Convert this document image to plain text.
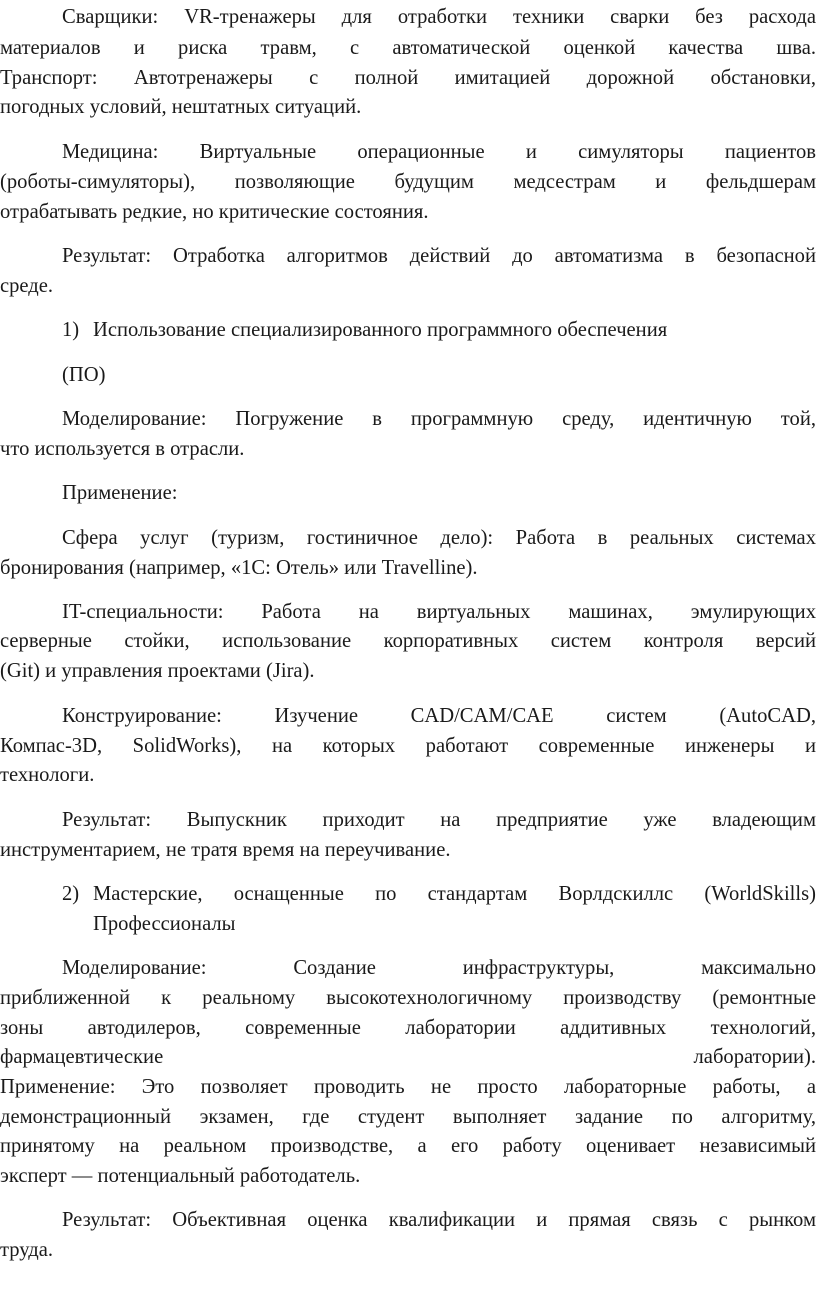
Сварщики: VR-тренажеры для отработки техники сварки без расхода
материалов и риска травм, с автоматической оценкой качества шва.
Транспорт: Автотренажеры с полной имитацией дорожной обстановки,
погодных условий, нештатных ситуаций.
Медицина: Виртуальные операционные и симуляторы пациентов
(роботы-симуляторы), позволяющие будущим медсестрам и фельдшерам
отрабатывать редкие, но критические состояния.
Результат: Отработка алгоритмов действий до автоматизма в безопасной
среде.
1) Использование специализированного программного обеспечения
(ПО)
Моделирование: Погружение в программную среду, идентичную той,
что используется в отрасли.
Применение:
Сфера услуг (туризм, гостиничное дело): Работа в реальных системах
бронирования (например, «1С: Отель» или Travelline).
IT-специальности: Работа на виртуальных машинах, эмулирующих
серверные стойки, использование корпоративных систем контроля версий
(Git) и управления проектами (Jira).
Конструирование: Изучение CAD/CAM/CAE систем (AutoCAD,
Компас-3D, SolidWorks), на которых работают современные инженеры и
технологи.
Результат: Выпускник приходит на предприятие уже владеющим
инструментарием, не тратя время на переучивание.
2) Мастерские, оснащенные по стандартам Ворлдскиллс (WorldSkills)
Профессионалы
Моделирование: Создание инфраструктуры, максимально
приближенной к реальному высокотехнологичному производству (ремонтные
зоны автодилеров, современные лаборатории аддитивных технологий,
фармацевтические	лаборатории).
Применение: Это позволяет проводить не просто лабораторные работы, а
демонстрационный экзамен, где студент выполняет задание по алгоритму,
принятому на реальном производстве, а его работу оценивает независимый
эксперт — потенциальный работодатель.
Результат: Объективная оценка квалификации и прямая связь с рынком
труда.
